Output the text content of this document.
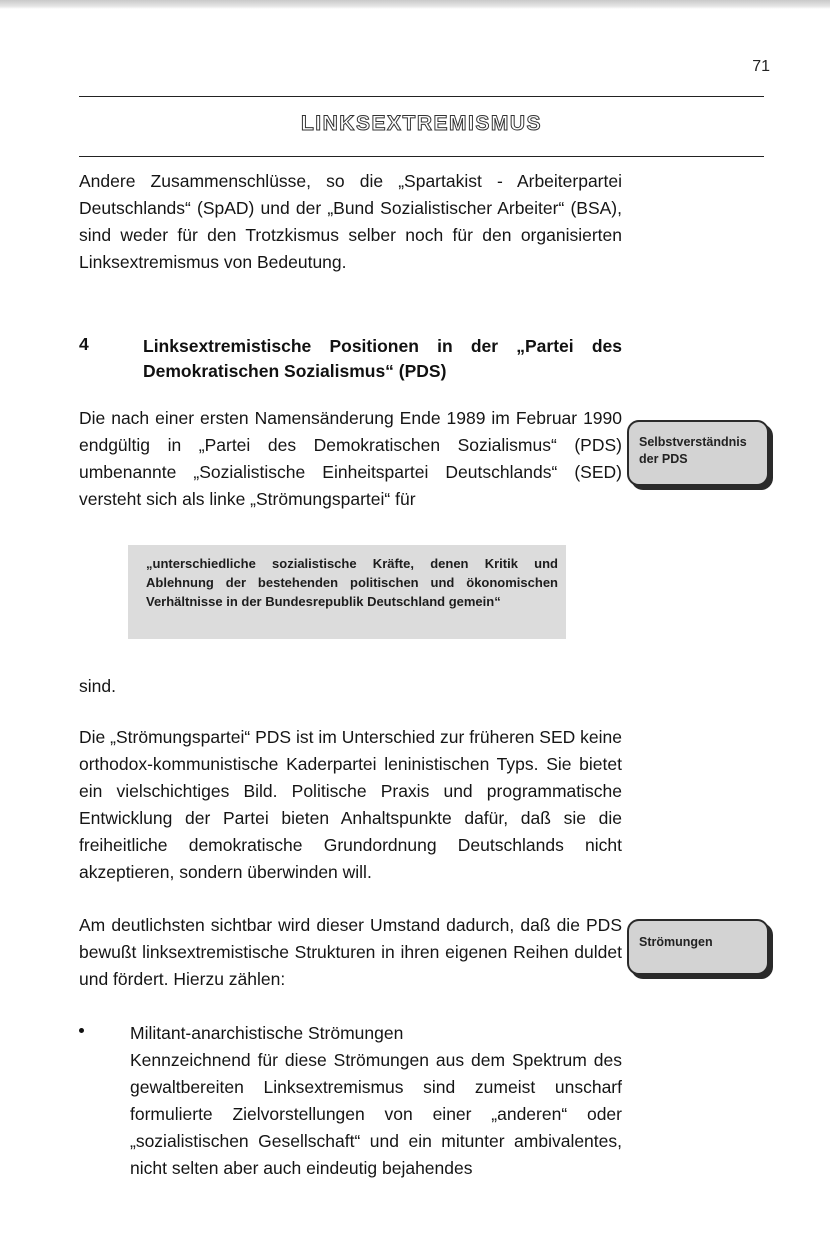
71
LINKSEXTREMISMUS

Andere Zusammenschlüsse, so die „Spartakist - Arbeiterpartei Deutschlands“ (SpAD) und der „Bund Sozialistischer Arbeiter“ (BSA), sind weder für den Trotzkismus selber noch für den organisierten Linksextremismus von Bedeutung.

4	Linksextremistische Positionen in der „Partei des Demokratischen Sozialismus“ (PDS)

Die nach einer ersten Namensänderung Ende 1989 im Februar 1990 endgültig in „Partei des Demokratischen Sozialismus“ (PDS) umbenannte „Sozialistische Einheitspartei Deutschlands“ (SED) versteht sich als linke „Strömungspartei“ für

Selbstverständnis der PDS

„unterschiedliche sozialistische Kräfte, denen Kritik und Ablehnung der bestehenden politischen und ökonomischen Verhältnisse in der Bundesrepublik Deutschland gemein“

sind.

Die „Strömungspartei“ PDS ist im Unterschied zur früheren SED keine orthodox-kommunistische Kaderpartei leninistischen Typs. Sie bietet ein vielschichtiges Bild. Politische Praxis und programmatische Entwicklung der Partei bieten Anhaltspunkte dafür, daß sie die freiheitliche demokratische Grundordnung Deutschlands nicht akzeptieren, sondern überwinden will.

Am deutlichsten sichtbar wird dieser Umstand dadurch, daß die PDS bewußt linksextremistische Strukturen in ihren eigenen Reihen duldet und fördert. Hierzu zählen:

Strömungen

Militant-anarchistische Strömungen
Kennzeichnend für diese Strömungen aus dem Spektrum des gewaltbereiten Linksextremismus sind zumeist unscharf formulierte Zielvorstellungen von einer „anderen“ oder „sozialistischen Gesellschaft“ und ein mitunter ambivalentes, nicht selten aber auch eindeutig bejahendes
